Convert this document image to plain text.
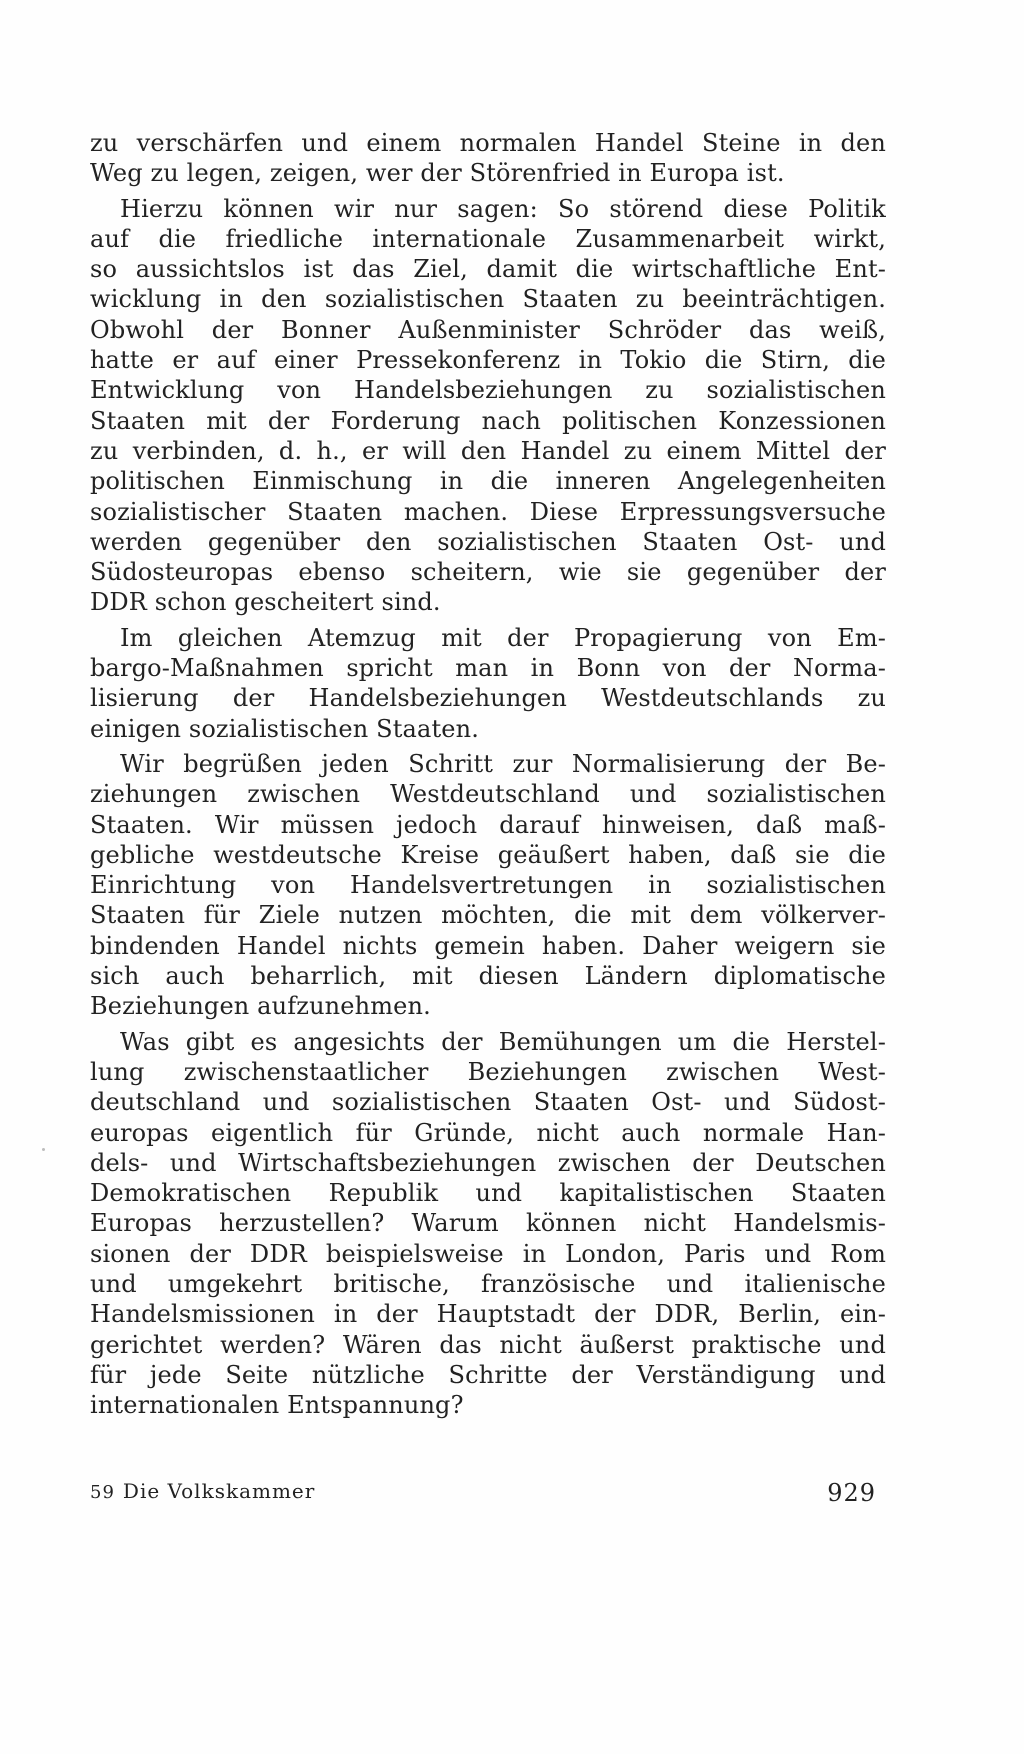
zu verschärfen und einem normalen Handel Steine in den
Weg zu legen, zeigen, wer der Störenfried in Europa ist.

Hierzu können wir nur sagen: So störend diese Politik
auf die friedliche internationale Zusammenarbeit wirkt,
so aussichtslos ist das Ziel, damit die wirtschaftliche Ent-
wicklung in den sozialistischen Staaten zu beeinträchtigen.
Obwohl der Bonner Außenminister Schröder das weiß,
hatte er auf einer Pressekonferenz in Tokio die Stirn, die
Entwicklung von Handelsbeziehungen zu sozialistischen
Staaten mit der Forderung nach politischen Konzessionen
zu verbinden, d. h., er will den Handel zu einem Mittel der
politischen Einmischung in die inneren Angelegenheiten
sozialistischer Staaten machen. Diese Erpressungsversuche
werden gegenüber den sozialistischen Staaten Ost- und
Südosteuropas ebenso scheitern, wie sie gegenüber der
DDR schon gescheitert sind.

Im gleichen Atemzug mit der Propagierung von Em-
bargo-Maßnahmen spricht man in Bonn von der Norma-
lisierung der Handelsbeziehungen Westdeutschlands zu
einigen sozialistischen Staaten.

Wir begrüßen jeden Schritt zur Normalisierung der Be-
ziehungen zwischen Westdeutschland und sozialistischen
Staaten. Wir müssen jedoch darauf hinweisen, daß maß-
gebliche westdeutsche Kreise geäußert haben, daß sie die
Einrichtung von Handelsvertretungen in sozialistischen
Staaten für Ziele nutzen möchten, die mit dem völkerver-
bindenden Handel nichts gemein haben. Daher weigern sie
sich auch beharrlich, mit diesen Ländern diplomatische
Beziehungen aufzunehmen.

Was gibt es angesichts der Bemühungen um die Herstel-
lung zwischenstaatlicher Beziehungen zwischen West-
deutschland und sozialistischen Staaten Ost- und Südost-
europas eigentlich für Gründe, nicht auch normale Han-
dels- und Wirtschaftsbeziehungen zwischen der Deutschen
Demokratischen Republik und kapitalistischen Staaten
Europas herzustellen? Warum können nicht Handelsmis-
sionen der DDR beispielsweise in London, Paris und Rom
und umgekehrt britische, französische und italienische
Handelsmissionen in der Hauptstadt der DDR, Berlin, ein-
gerichtet werden? Wären das nicht äußerst praktische und
für jede Seite nützliche Schritte der Verständigung und
internationalen Entspannung?

59 Die Volkskammer	929
